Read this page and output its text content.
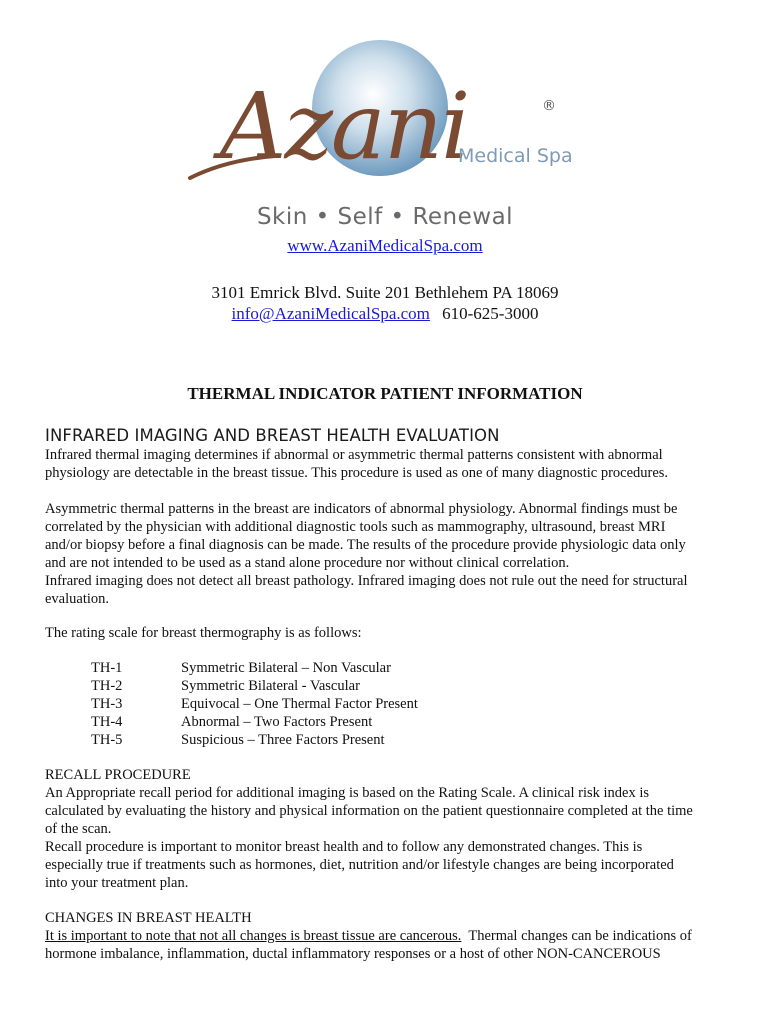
Azani	®
Medical Spa
Skin • Self • Renewal
www.AzaniMedicalSpa.com
3101 Emrick Blvd. Suite 201 Bethlehem PA 18069
info@AzaniMedicalSpa.com 610-625-3000
THERMAL INDICATOR PATIENT INFORMATION
INFRARED IMAGING AND BREAST HEALTH EVALUATION

Infrared thermal imaging determines if abnormal or asymmetric thermal patterns consistent with abnormal
physiology are detectable in the breast tissue. This procedure is used as one of many diagnostic procedures.

Asymmetric thermal patterns in the breast are indicators of abnormal physiology. Abnormal findings must be
correlated by the physician with additional diagnostic tools such as mammography, ultrasound, breast MRI
and/or biopsy before a final diagnosis can be made. The results of the procedure provide physiologic data only
and are not intended to be used as a stand alone procedure nor without clinical correlation.
Infrared imaging does not detect all breast pathology. Infrared imaging does not rule out the need for structural
evaluation.

The rating scale for breast thermography is as follows:

TH-1	Symmetric Bilateral – Non Vascular
TH-2	Symmetric Bilateral - Vascular
TH-3	Equivocal – One Thermal Factor Present
TH-4	Abnormal – Two Factors Present
TH-5	Suspicious – Three Factors Present

RECALL PROCEDURE
An Appropriate recall period for additional imaging is based on the Rating Scale. A clinical risk index is
calculated by evaluating the history and physical information on the patient questionnaire completed at the time
of the scan.
Recall procedure is important to monitor breast health and to follow any demonstrated changes. This is
especially true if treatments such as hormones, diet, nutrition and/or lifestyle changes are being incorporated
into your treatment plan.

CHANGES IN BREAST HEALTH
It is important to note that not all changes is breast tissue are cancerous.  Thermal changes can be indications of
hormone imbalance, inflammation, ductal inflammatory responses or a host of other NON-CANCEROUS
